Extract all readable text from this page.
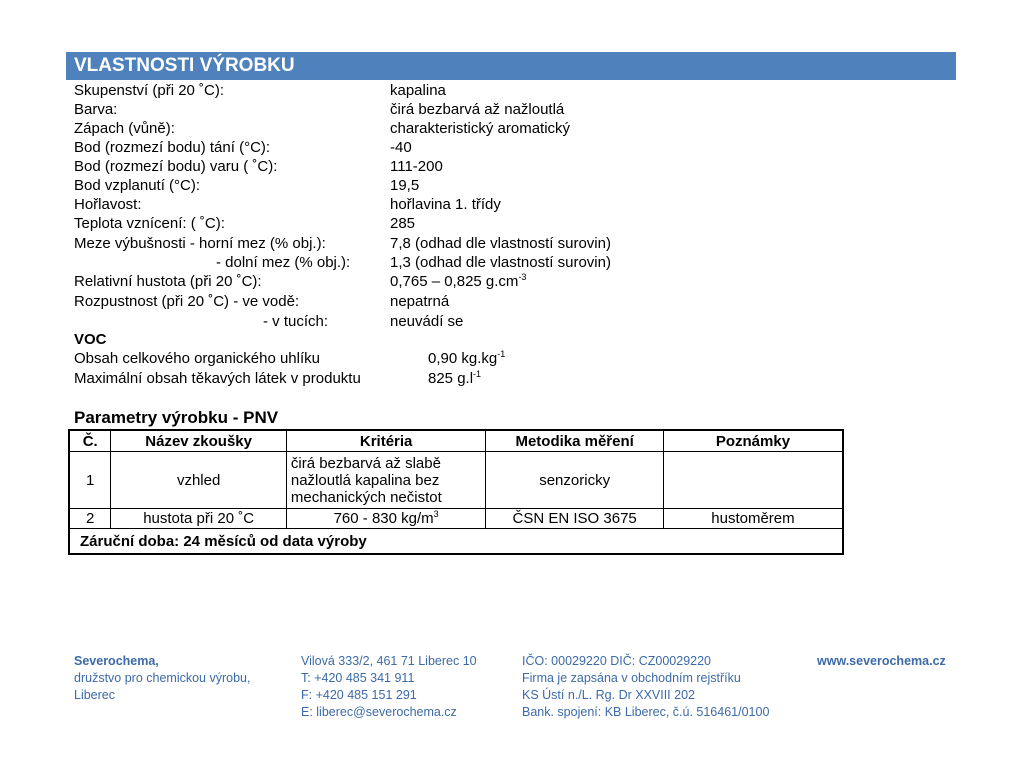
VLASTNOSTI VÝROBKU
Skupenství (při 20 ˚C):	kapalina
Barva:	čirá bezbarvá až nažloutlá
Zápach (vůně):	charakteristický aromatický
Bod (rozmezí bodu) tání (°C):	-40
Bod (rozmezí bodu) varu ( ˚C):	111-200
Bod vzplanutí (°C):	19,5
Hořlavost:	hořlavina 1. třídy
Teplota vznícení: ( ˚C):	285
Meze výbušnosti - horní mez (% obj.):	7,8 (odhad dle vlastností surovin)
- dolní mez (% obj.):	1,3 (odhad dle vlastností surovin)
Relativní hustota (při 20 ˚C):	0,765 – 0,825 $g.cm^{-3}$
Rozpustnost (při 20 ˚C) - ve vodě:	nepatrná
- v tucích:	neuvádí se
VOC
Obsah celkového organického uhlíku	0,90 $kg.kg^{-1}$
Maximální obsah těkavých látek v produktu	825 $g.l^{-1}$
Parametry výrobku - PNV
Č.	Název zkoušky	Kritéria	Metodika měření	Poznámky
1	vzhled	čirá bezbarvá až slabě
nažloutlá kapalina bez
mechanických nečistot	senzoricky	
2	hustota při 20 ˚C	760 - 830 $kg/m^3$	ČSN EN ISO 3675	hustoměrem
Záruční doba: 24 měsíců od data výroby				
Severochema,
družstvo pro chemickou výrobu,
Liberec
Vilová 333/2, 461 71 Liberec 10
T: +420 485 341 911
F: +420 485 151 291
E: liberec@severochema.cz
IČO: 00029220 DIČ: CZ00029220
Firma je zapsána v obchodním rejstříku
KS Ústí n./L. Rg. Dr XXVIII 202
Bank. spojení: KB Liberec, č.ú. 516461/0100
www.severochema.cz
